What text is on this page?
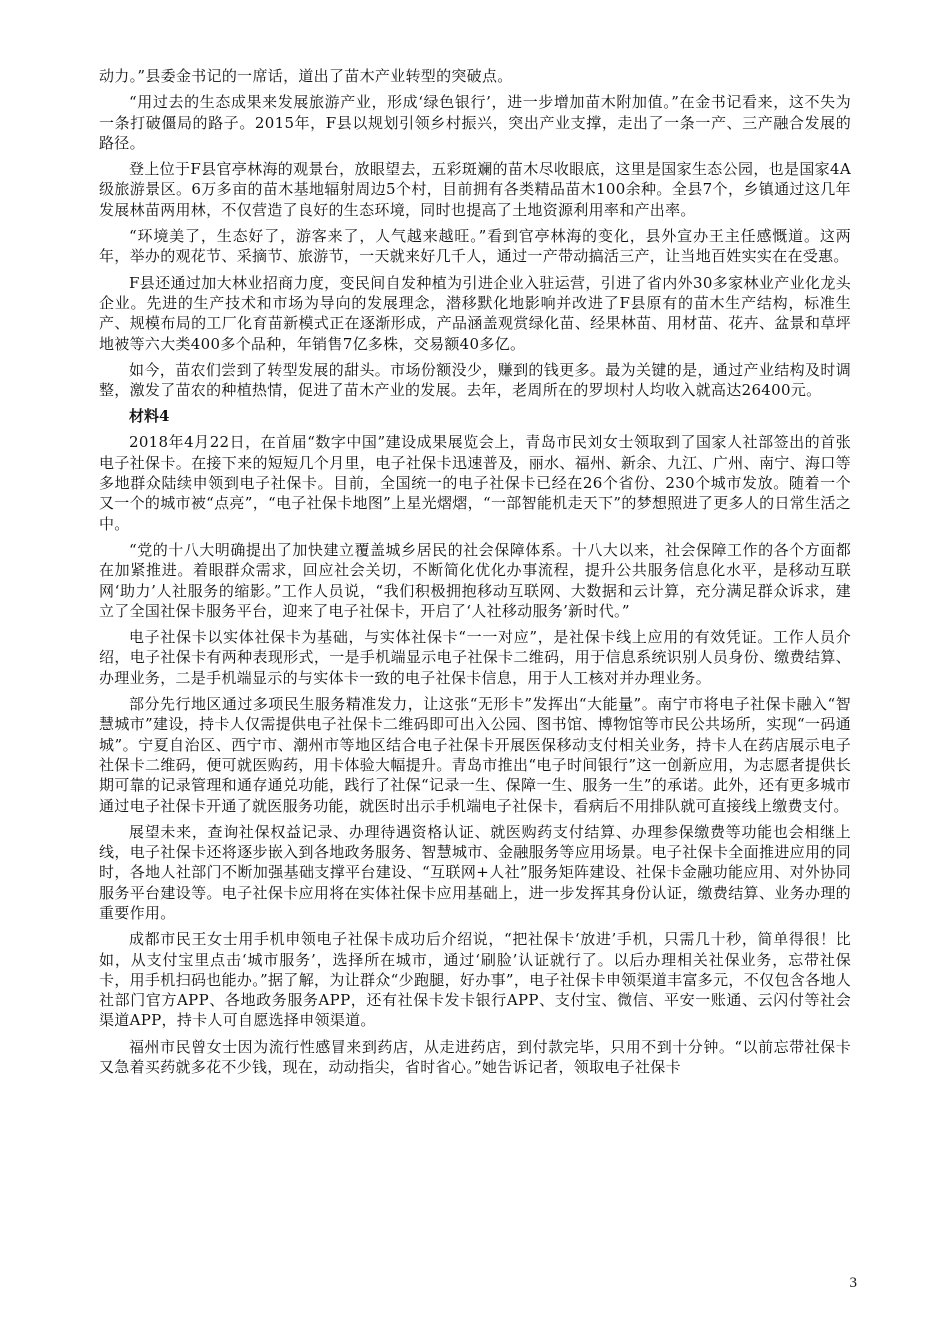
动力。”县委金书记的一席话，道出了苗木产业转型的突破点。

“用过去的生态成果来发展旅游产业，形成‘绿色银行’，进一步增加苗木附加值。”在金书记看来，这不失为一条打破僵局的路子。2015年，F县以规划引领乡村振兴，突出产业支撑，走出了一条一产、三产融合发展的路径。

登上位于F县官亭林海的观景台，放眼望去，五彩斑斓的苗木尽收眼底，这里是国家生态公园，也是国家4A级旅游景区。6万多亩的苗木基地辐射周边5个村，目前拥有各类精品苗木100余种。全县7个，乡镇通过这几年发展林苗两用林，不仅营造了良好的生态环境，同时也提高了土地资源利用率和产出率。

“环境美了，生态好了，游客来了，人气越来越旺。”看到官亭林海的变化，县外宣办王主任感慨道。这两年，举办的观花节、采摘节、旅游节，一天就来好几千人，通过一产带动搞活三产，让当地百姓实实在在受惠。

F县还通过加大林业招商力度，变民间自发种植为引进企业入驻运营，引进了省内外30多家林业产业化龙头企业。先进的生产技术和市场为导向的发展理念，潜移默化地影响并改进了F县原有的苗木生产结构，标准生产、规模布局的工厂化育苗新模式正在逐渐形成，产品涵盖观赏绿化苗、经果林苗、用材苗、花卉、盆景和草坪地被等六大类400多个品种，年销售7亿多株，交易额40多亿。

如今，苗农们尝到了转型发展的甜头。市场份额没少，赚到的钱更多。最为关键的是，通过产业结构及时调整，激发了苗农的种植热情，促进了苗木产业的发展。去年，老周所在的罗坝村人均收入就高达26400元。

材料4

2018年4月22日，在首届“数字中国”建设成果展览会上，青岛市民刘女士领取到了国家人社部签出的首张电子社保卡。在接下来的短短几个月里，电子社保卡迅速普及，丽水、福州、新余、九江、广州、南宁、海口等多地群众陆续申领到电子社保卡。目前，全国统一的电子社保卡已经在26个省份、230个城市发放。随着一个又一个的城市被“点亮”，“电子社保卡地图”上星光熠熠，“一部智能机走天下”的梦想照进了更多人的日常生活之中。

“党的十八大明确提出了加快建立覆盖城乡居民的社会保障体系。十八大以来，社会保障工作的各个方面都在加紧推进。着眼群众需求，回应社会关切，不断简化优化办事流程，提升公共服务信息化水平，是移动互联网‘助力’人社服务的缩影。”工作人员说，“我们积极拥抱移动互联网、大数据和云计算，充分满足群众诉求，建立了全国社保卡服务平台，迎来了电子社保卡，开启了‘人社移动服务’新时代。”

电子社保卡以实体社保卡为基础，与实体社保卡“一一对应”，是社保卡线上应用的有效凭证。工作人员介绍，电子社保卡有两种表现形式，一是手机端显示电子社保卡二维码，用于信息系统识别人员身份、缴费结算、办理业务，二是手机端显示的与实体卡一致的电子社保卡信息，用于人工核对并办理业务。

部分先行地区通过多项民生服务精准发力，让这张“无形卡”发挥出“大能量”。南宁市将电子社保卡融入“智慧城市”建设，持卡人仅需提供电子社保卡二维码即可出入公园、图书馆、博物馆等市民公共场所，实现“一码通城”。宁夏自治区、西宁市、潮州市等地区结合电子社保卡开展医保移动支付相关业务，持卡人在药店展示电子社保卡二维码，便可就医购药，用卡体验大幅提升。青岛市推出“电子时间银行”这一创新应用，为志愿者提供长期可靠的记录管理和通存通兑功能，践行了社保“记录一生、保障一生、服务一生”的承诺。此外，还有更多城市通过电子社保卡开通了就医服务功能，就医时出示手机端电子社保卡，看病后不用排队就可直接线上缴费支付。

展望未来，查询社保权益记录、办理待遇资格认证、就医购药支付结算、办理参保缴费等功能也会相继上线，电子社保卡还将逐步嵌入到各地政务服务、智慧城市、金融服务等应用场景。电子社保卡全面推进应用的同时，各地人社部门不断加强基础支撑平台建设、“互联网+人社”服务矩阵建设、社保卡金融功能应用、对外协同服务平台建设等。电子社保卡应用将在实体社保卡应用基础上，进一步发挥其身份认证，缴费结算、业务办理的重要作用。

成都市民王女士用手机申领电子社保卡成功后介绍说，“把社保卡‘放进’手机，只需几十秒，简单得很！比如，从支付宝里点击‘城市服务’，选择所在城市，通过‘刷脸’认证就行了。以后办理相关社保业务，忘带社保卡，用手机扫码也能办。”据了解，为让群众“少跑腿，好办事”，电子社保卡申领渠道丰富多元，不仅包含各地人社部门官方APP、各地政务服务APP，还有社保卡发卡银行APP、支付宝、微信、平安一账通、云闪付等社会渠道APP，持卡人可自愿选择申领渠道。

福州市民曾女士因为流行性感冒来到药店，从走进药店，到付款完毕，只用不到十分钟。“以前忘带社保卡又急着买药就多花不少钱，现在，动动指尖，省时省心。”她告诉记者，领取电子社保卡

3
